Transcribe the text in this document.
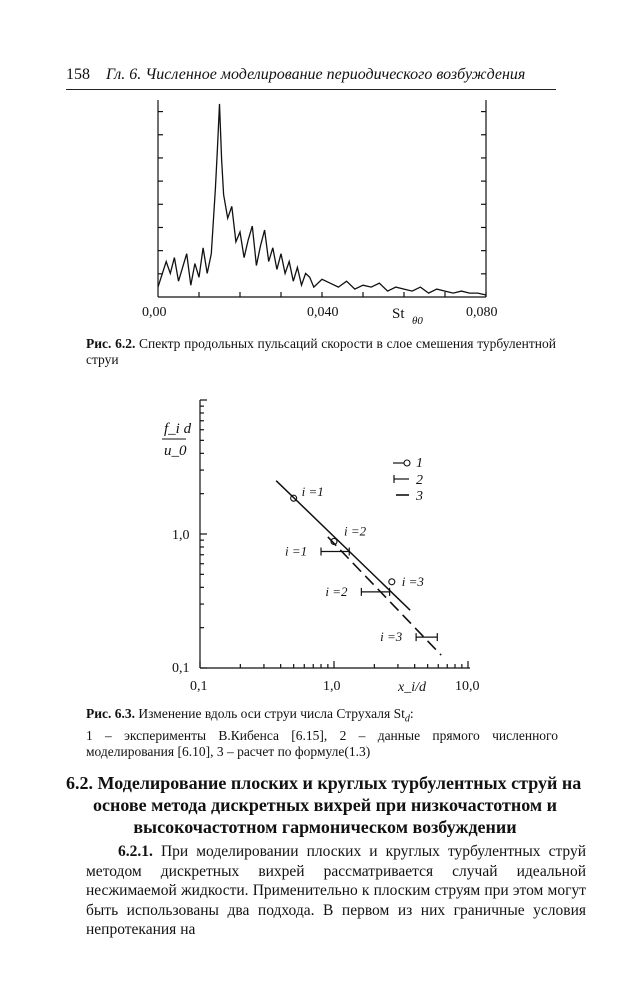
158 Гл. 6. Численное моделирование периодического возбуждения
0,00	0,040	0,080
St θ0
Рис. 6.2. Спектр продольных пульсаций скорости в слое смешения турбулентной струи
i =1
i =2
i =3
i =1
i =2
i =3
f_i d
u_0
1,0
0,1
0,1	1,0	10,0
x_i/d
1
2
3
Рис. 6.3. Изменение вдоль оси струи числа Струхаля $St_d$:
1 – эксперименты В.Кибенса [6.15], 2 – данные прямого численного моделирования [6.10], 3 – расчет по формуле(1.3)
6.2. Моделирование плоских и круглых турбулентных струй на
основе метода дискретных вихрей при низкочастотном и
высокочастотном гармоническом возбуждении
6.2.1. При моделировании плоских и круглых турбулентных струй методом дискретных вихрей рассматривается случай идеальной несжимаемой жидкости. Применительно к плоским струям при этом могут быть использованы два подхода. В первом из них граничные условия непротекания на
